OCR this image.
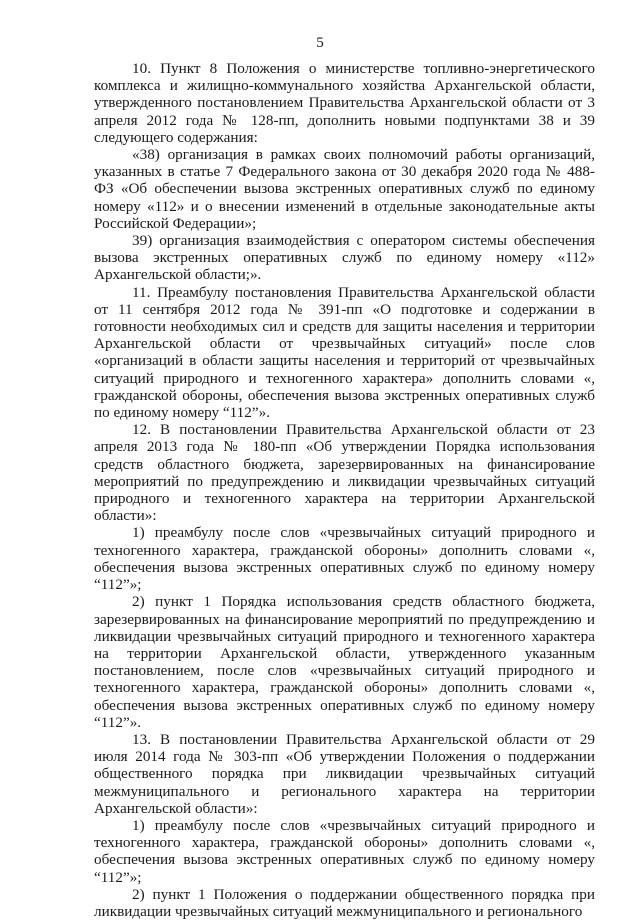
5

10. Пункт 8 Положения о министерстве топливно-энергетического комплекса и жилищно-коммунального хозяйства Архангельской области, утвержденного постановлением Правительства Архангельской области от 3 апреля 2012 года № 128-пп, дополнить новыми подпунктами 38 и 39 следующего содержания:

«38) организация в рамках своих полномочий работы организаций, указанных в статье 7 Федерального закона от 30 декабря 2020 года № 488-ФЗ «Об обеспечении вызова экстренных оперативных служб по единому номеру «112» и о внесении изменений в отдельные законодательные акты Российской Федерации»;

39) организация взаимодействия с оператором системы обеспечения вызова экстренных оперативных служб по единому номеру «112» Архангельской области;».

11. Преамбулу постановления Правительства Архангельской области от 11 сентября 2012 года № 391-пп «О подготовке и содержании в готовности необходимых сил и средств для защиты населения и территории Архангельской области от чрезвычайных ситуаций» после слов «организаций в области защиты населения и территорий от чрезвычайных ситуаций природного и техногенного характера» дополнить словами «, гражданской обороны, обеспечения вызова экстренных оперативных служб по единому номеру “112”».

12. В постановлении Правительства Архангельской области от 23 апреля 2013 года № 180-пп «Об утверждении Порядка использования средств областного бюджета, зарезервированных на финансирование мероприятий по предупреждению и ликвидации чрезвычайных ситуаций природного и техногенного характера на территории Архангельской области»:

1) преамбулу после слов «чрезвычайных ситуаций природного и техногенного характера, гражданской обороны» дополнить словами «, обеспечения вызова экстренных оперативных служб по единому номеру “112”»;

2) пункт 1 Порядка использования средств областного бюджета, зарезервированных на финансирование мероприятий по предупреждению и ликвидации чрезвычайных ситуаций природного и техногенного характера на территории Архангельской области, утвержденного указанным постановлением, после слов «чрезвычайных ситуаций природного и техногенного характера, гражданской обороны» дополнить словами «, обеспечения вызова экстренных оперативных служб по единому номеру “112”».

13. В постановлении Правительства Архангельской области от 29 июля 2014 года № 303-пп «Об утверждении Положения о поддержании общественного порядка при ликвидации чрезвычайных ситуаций межмуниципального и регионального характера на территории Архангельской области»:

1) преамбулу после слов «чрезвычайных ситуаций природного и техногенного характера, гражданской обороны» дополнить словами «, обеспечения вызова экстренных оперативных служб по единому номеру “112”»;

2) пункт 1 Положения о поддержании общественного порядка при ликвидации чрезвычайных ситуаций межмуниципального и регионального
